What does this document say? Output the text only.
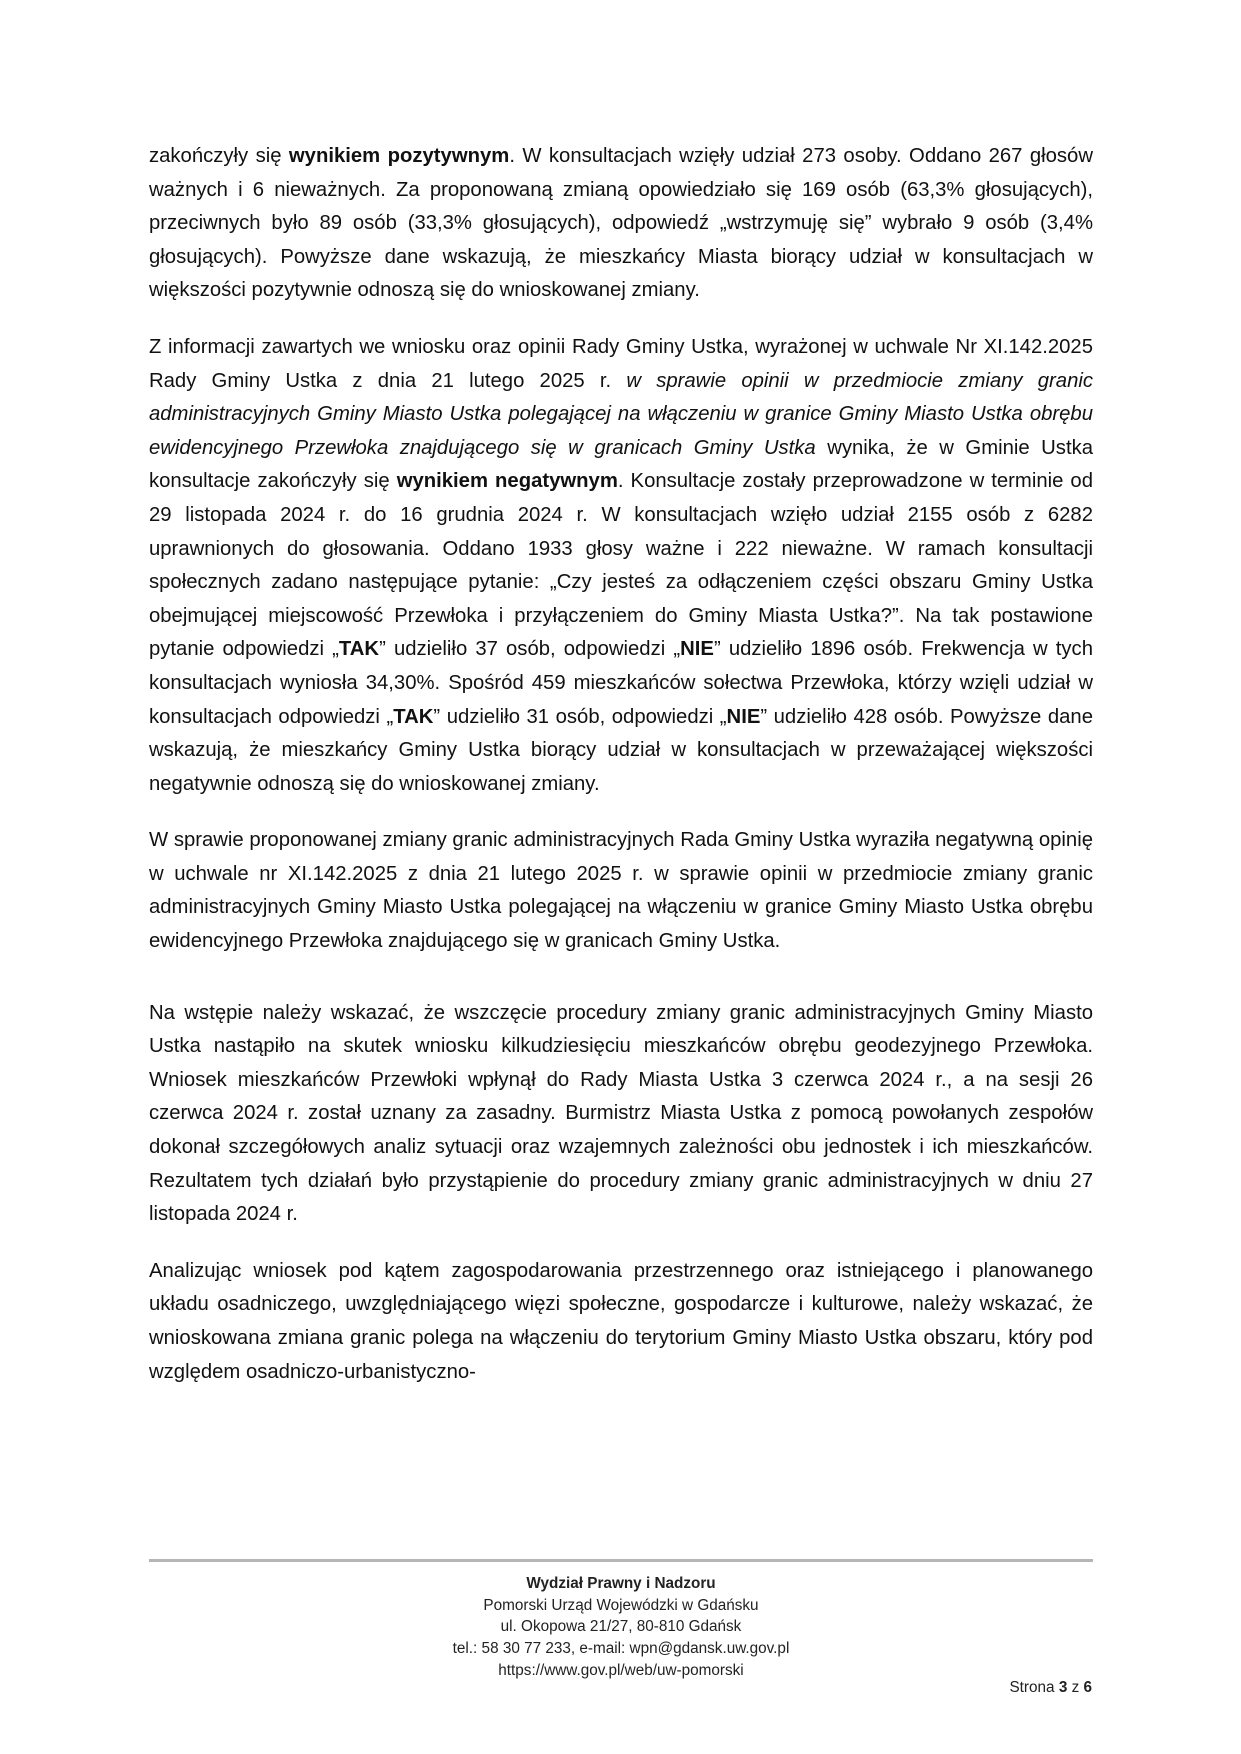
zakończyły się wynikiem pozytywnym. W konsultacjach wzięły udział 273 osoby. Oddano 267 głosów ważnych i 6 nieważnych. Za proponowaną zmianą opowiedziało się 169 osób (63,3% głosujących), przeciwnych było 89 osób (33,3% głosujących), odpowiedź „wstrzymuję się” wybrało 9 osób (3,4% głosujących). Powyższe dane wskazują, że mieszkańcy Miasta biorący udział w konsultacjach w większości pozytywnie odnoszą się do wnioskowanej zmiany.

Z informacji zawartych we wniosku oraz opinii Rady Gminy Ustka, wyrażonej w uchwale Nr XI.142.2025 Rady Gminy Ustka z dnia 21 lutego 2025 r. w sprawie opinii w przedmiocie zmiany granic administracyjnych Gminy Miasto Ustka polegającej na włączeniu w granice Gminy Miasto Ustka obrębu ewidencyjnego Przewłoka znajdującego się w granicach Gminy Ustka wynika, że w Gminie Ustka konsultacje zakończyły się wynikiem negatywnym. Konsultacje zostały przeprowadzone w terminie od 29 listopada 2024 r. do 16 grudnia 2024 r. W konsultacjach wzięło udział 2155 osób z 6282 uprawnionych do głosowania. Oddano 1933 głosy ważne i 222 nieważne. W ramach konsultacji społecznych zadano następujące pytanie: „Czy jesteś za odłączeniem części obszaru Gminy Ustka obejmującej miejscowość Przewłoka i przyłączeniem do Gminy Miasta Ustka?”. Na tak postawione pytanie odpowiedzi „TAK” udzieliło 37 osób, odpowiedzi „NIE” udzieliło 1896 osób. Frekwencja w tych konsultacjach wyniosła 34,30%. Spośród 459 mieszkańców sołectwa Przewłoka, którzy wzięli udział w konsultacjach odpowiedzi „TAK” udzieliło 31 osób, odpowiedzi „NIE” udzieliło 428 osób. Powyższe dane wskazują, że mieszkańcy Gminy Ustka biorący udział w konsultacjach w przeważającej większości negatywnie odnoszą się do wnioskowanej zmiany.

W sprawie proponowanej zmiany granic administracyjnych Rada Gminy Ustka wyraziła negatywną opinię w uchwale nr XI.142.2025 z dnia 21 lutego 2025 r. w sprawie opinii w przedmiocie zmiany granic administracyjnych Gminy Miasto Ustka polegającej na włączeniu w granice Gminy Miasto Ustka obrębu ewidencyjnego Przewłoka znajdującego się w granicach Gminy Ustka.

Na wstępie należy wskazać, że wszczęcie procedury zmiany granic administracyjnych Gminy Miasto Ustka nastąpiło na skutek wniosku kilkudziesięciu mieszkańców obrębu geodezyjnego Przewłoka. Wniosek mieszkańców Przewłoki wpłynął do Rady Miasta Ustka 3 czerwca 2024 r., a na sesji 26 czerwca 2024 r. został uznany za zasadny. Burmistrz Miasta Ustka z pomocą powołanych zespołów dokonał szczegółowych analiz sytuacji oraz wzajemnych zależności obu jednostek i ich mieszkańców. Rezultatem tych działań było przystąpienie do procedury zmiany granic administracyjnych w dniu 27 listopada 2024 r.

Analizując wniosek pod kątem zagospodarowania przestrzennego oraz istniejącego i planowanego układu osadniczego, uwzględniającego więzi społeczne, gospodarcze i kulturowe, należy wskazać, że wnioskowana zmiana granic polega na włączeniu do terytorium Gminy Miasto Ustka obszaru, który pod względem osadniczo-urbanistyczno-

Wydział Prawny i Nadzoru
Pomorski Urząd Wojewódzki w Gdańsku
ul. Okopowa 21/27, 80-810 Gdańsk
tel.: 58 30 77 233, e-mail: wpn@gdansk.uw.gov.pl
https://www.gov.pl/web/uw-pomorski
Strona 3 z 6
